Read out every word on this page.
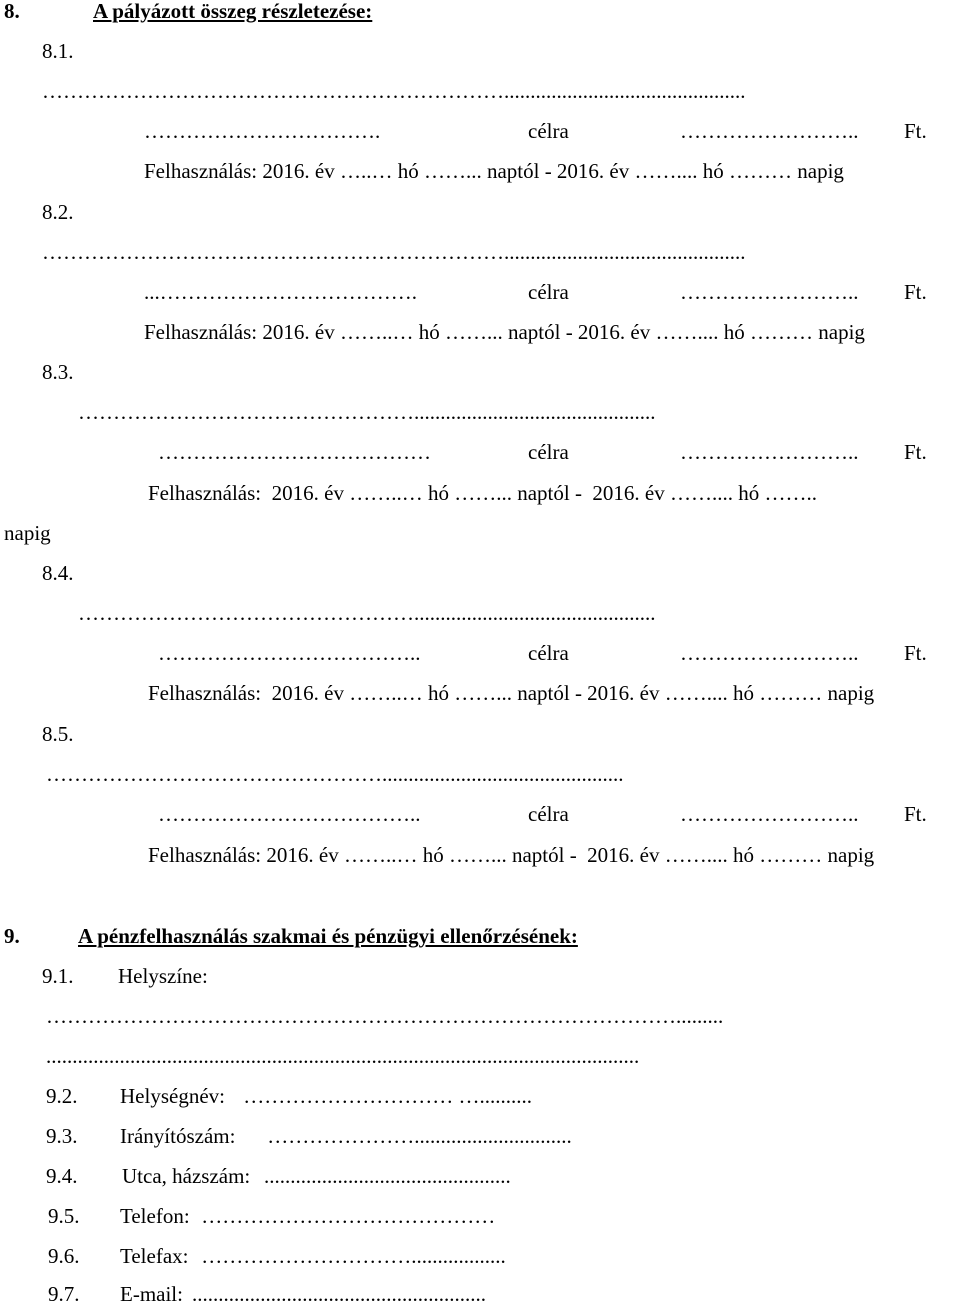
8.	A pályázott összeg részletezése:
8.1.
…………………………………………………………..............................................
…………………………….	célra	……………………..	Ft.
Felhasználás: 2016. év …..… hó ……... naptól - 2016. év …….... hó ……… napig
8.2.
…………………………………………………………..............................................
...……………………………….	célra	……………………..	Ft.
Felhasználás: 2016. év ……..… hó ……... naptól - 2016. év …….... hó ……… napig
8.3.
…………………………………………..............................................
…………………………………	célra	……………………..	Ft.
Felhasználás:  2016. év ……..… hó ……... naptól -  2016. év …….... hó ……..
napig
8.4.
…………………………………………..............................................
………………………………..	célra	……………………..	Ft.
Felhasználás:  2016. év ……..… hó ……... naptól - 2016. év …….... hó ……… napig
8.5.
…………………………………………..............................................
………………………………..	célra	……………………..	Ft.
Felhasználás: 2016. év ……..… hó ……... naptól -  2016. év …….... hó ……… napig
9.	A pénzfelhasználás szakmai és pénzügyi ellenőrzésének:
9.1. Helyszíne:
……………………………………………………………………………….........
.................................................................................................................
9.2. Helységnév: ………………………… …..........
9.3. Irányítószám: …………………..............................
9.4. Utca, házszám: ...............................................
9.5. Telefon: ……………………………………
9.6. Telefax: …………………………..................
9.7. E-mail: ........................................................
